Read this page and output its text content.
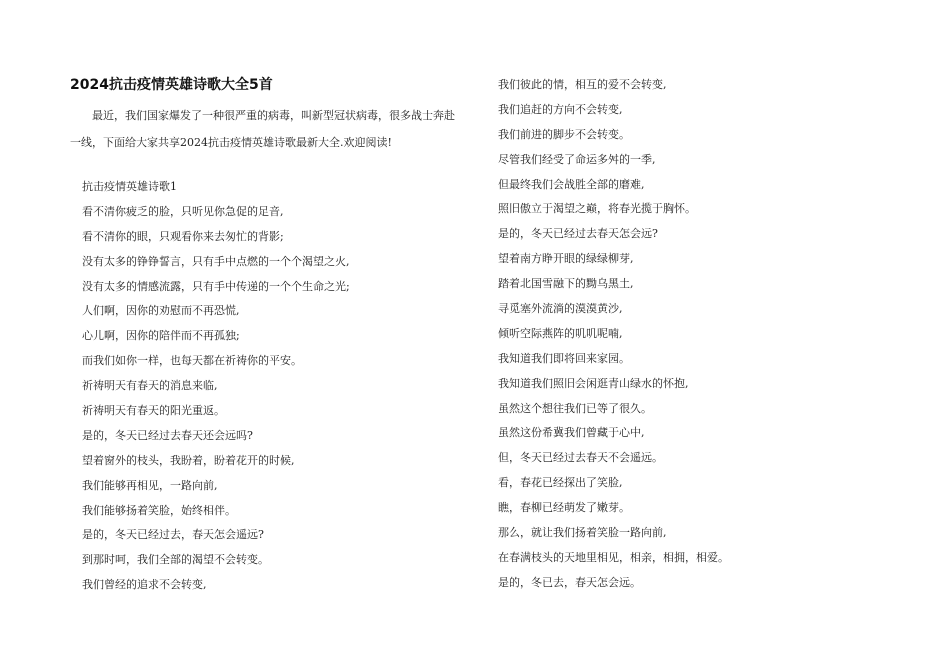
2024抗击疫情英雄诗歌大全5首
最近，我们国家爆发了一种很严重的病毒，叫新型冠状病毒，很多战士奔赴一线，下面给大家共享2024抗击疫情英雄诗歌最新大全.欢迎阅读!
抗击疫情英雄诗歌1
看不清你疲乏的脸，只听见你急促的足音,
看不清你的眼，只观看你来去匆忙的背影;
没有太多的铮铮誓言，只有手中点燃的一个个渴望之火,
没有太多的情感流露，只有手中传递的一个个生命之光;
人们啊，因你的劝慰而不再恐慌,
心儿啊，因你的陪伴而不再孤独;
而我们如你一样，也每天都在祈祷你的平安。
祈祷明天有春天的消息来临,
祈祷明天有春天的阳光重返。
是的，冬天已经过去春天还会远吗?
望着窗外的枝头，我盼着，盼着花开的时候,
我们能够再相见，一路向前,
我们能够扬着笑脸，始终相伴。
是的，冬天已经过去，春天怎会遥远?
到那时呵，我们全部的渴望不会转变。
我们曾经的追求不会转变,
我们彼此的情，相互的爱不会转变,
我们追赶的方向不会转变,
我们前进的脚步不会转变。
尽管我们经受了命运多舛的一季,
但最终我们会战胜全部的磨难,
照旧傲立于渴望之巅，将春光揽于胸怀。
是的，冬天已经过去春天怎会远?
望着南方睁开眼的绿绿柳芽,
踏着北国雪融下的黝乌黑土,
寻觅塞外流淌的漠漠黄沙,
倾听空际燕阵的叽叽呢喃,
我知道我们即将回来家园。
我知道我们照旧会闲逛青山绿水的怀抱,
虽然这个想往我们已等了很久。
虽然这份希冀我们曾藏于心中,
但，冬天已经过去春天不会遥远。
看，春花已经探出了笑脸,
瞧，春柳已经萌发了嫩芽。
那么，就让我们扬着笑脸一路向前,
在春满枝头的天地里相见，相亲，相拥，相爱。
是的，冬已去，春天怎会远。
